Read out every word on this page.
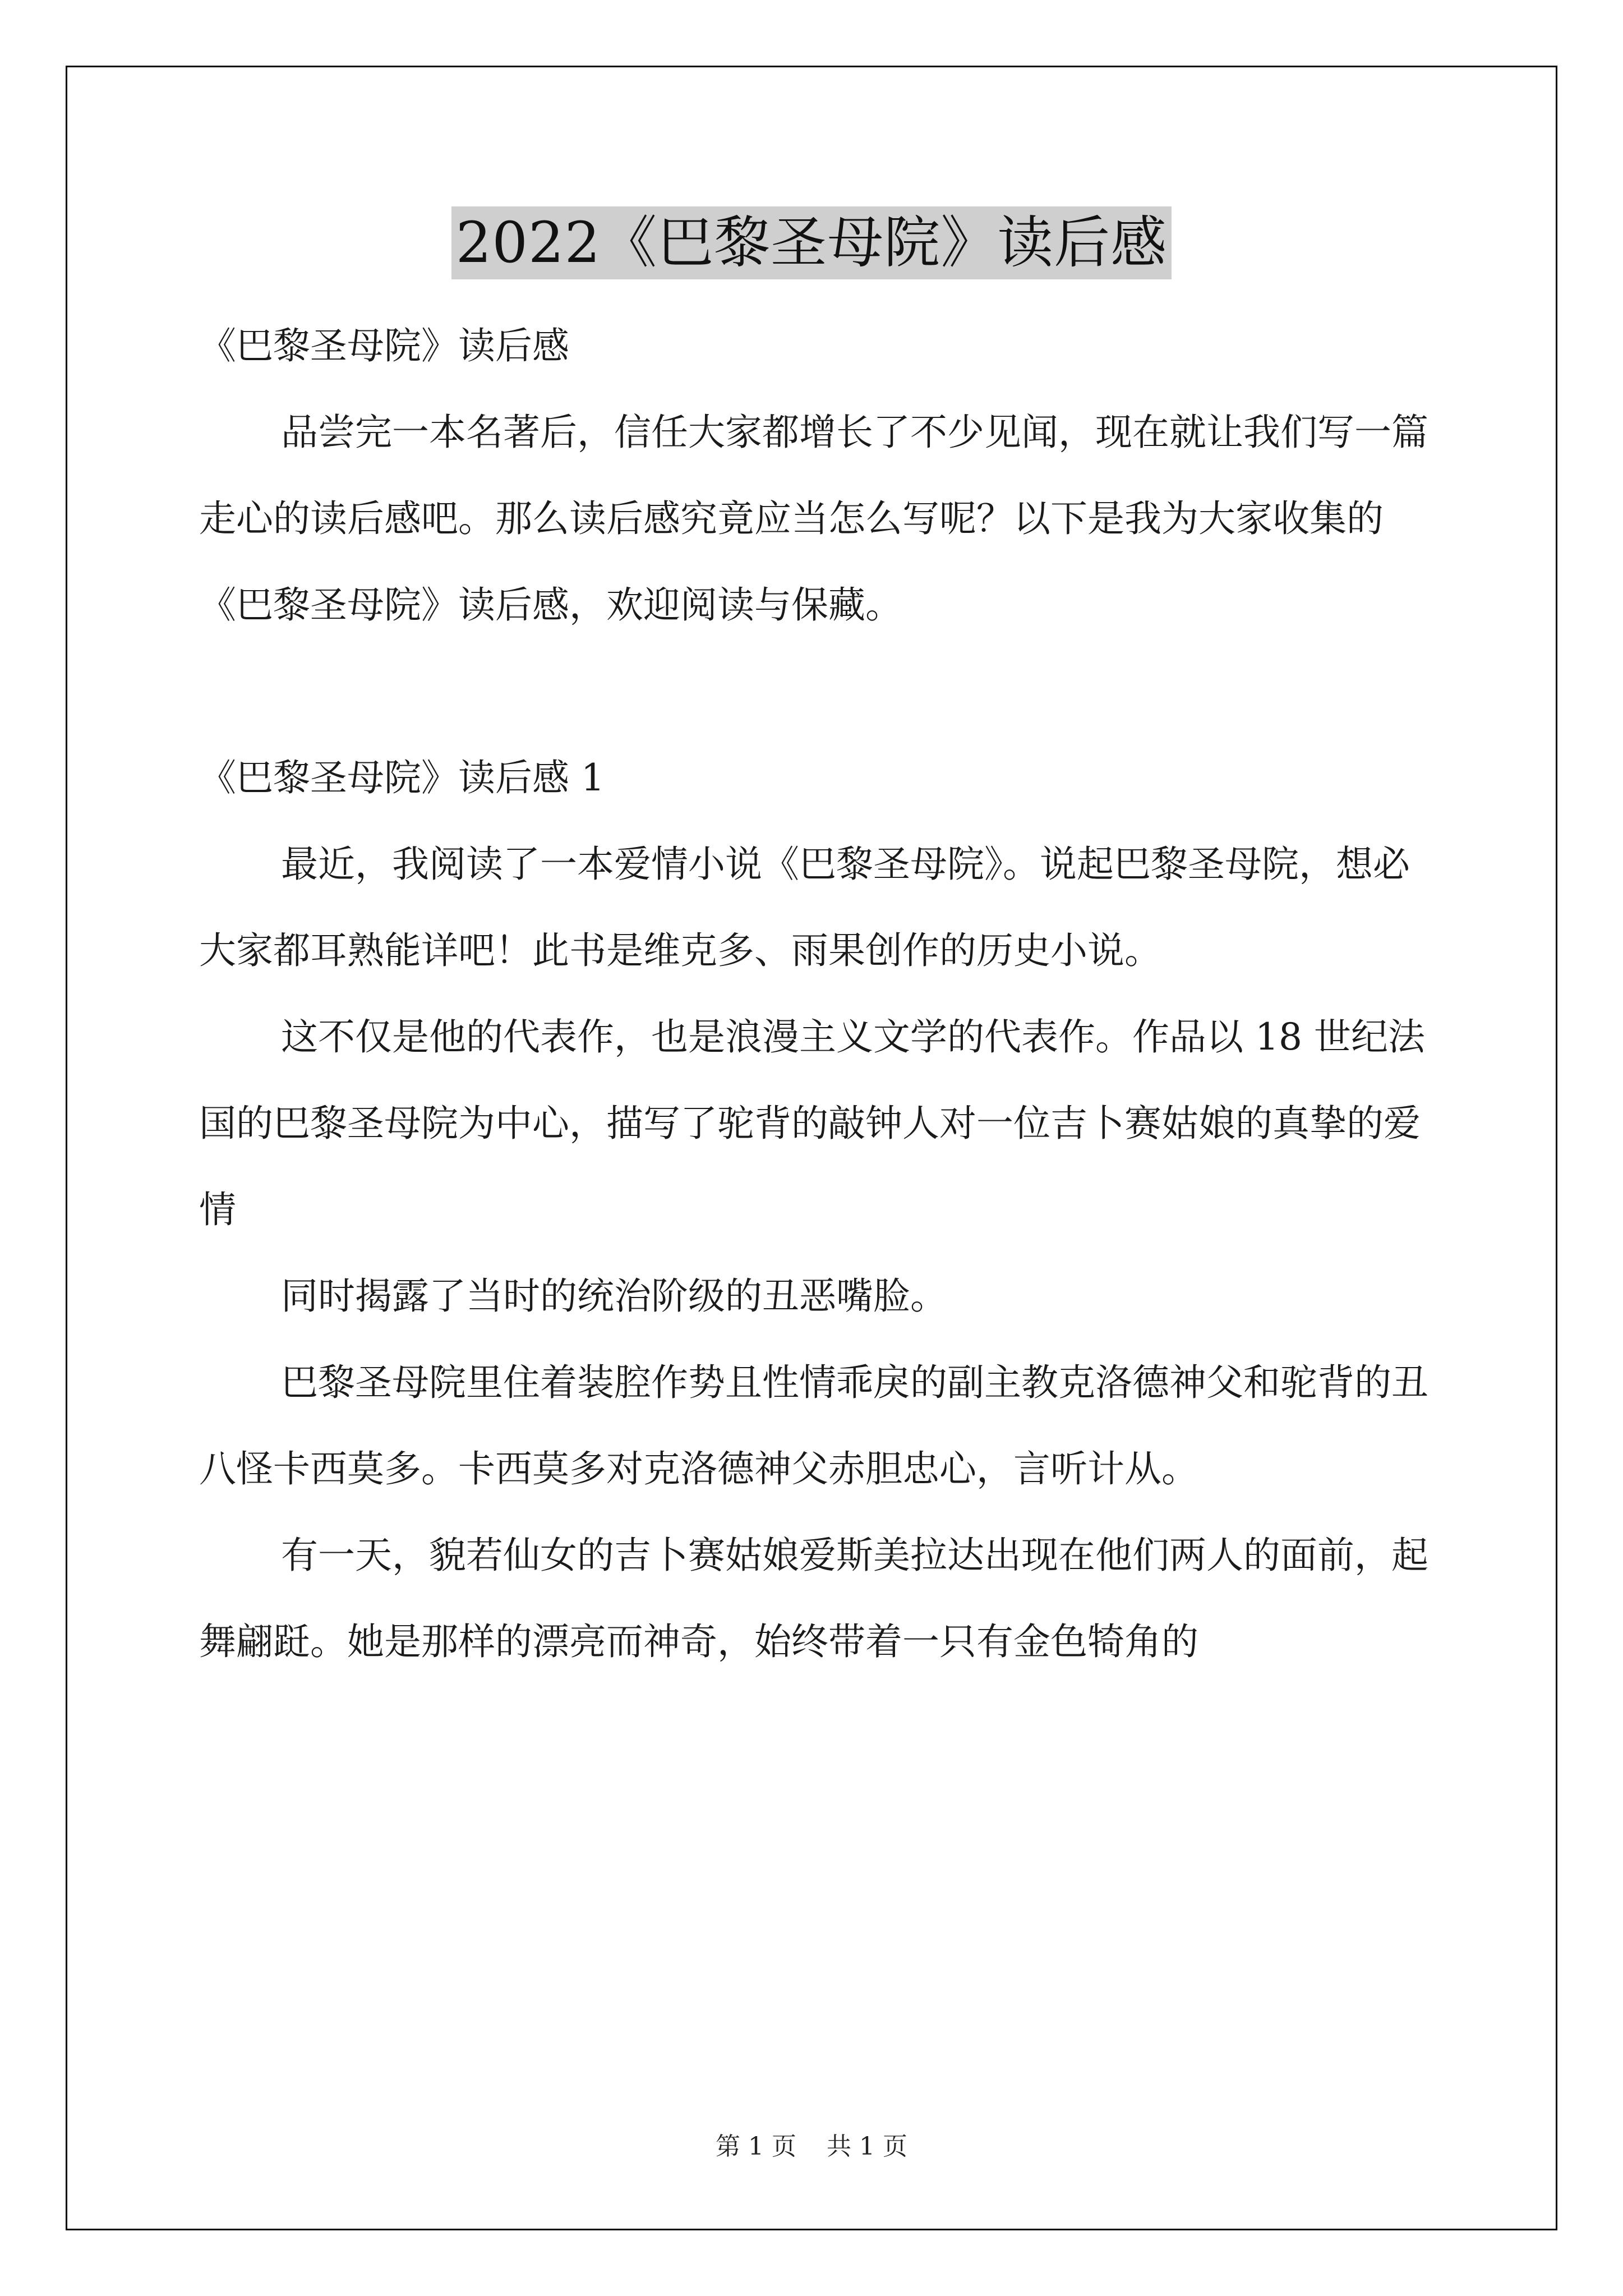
2022《巴黎圣母院》读后感

《巴黎圣母院》读后感

品尝完一本名著后，信任大家都增长了不少见闻，现在就让我们写一篇走心的读后感吧。那么读后感究竟应当怎么写呢？以下是我为大家收集的《巴黎圣母院》读后感，欢迎阅读与保藏。

《巴黎圣母院》读后感 1

最近，我阅读了一本爱情小说《巴黎圣母院》。说起巴黎圣母院，想必大家都耳熟能详吧！此书是维克多、雨果创作的历史小说。

这不仅是他的代表作，也是浪漫主义文学的代表作。作品以 18 世纪法国的巴黎圣母院为中心，描写了驼背的敲钟人对一位吉卜赛姑娘的真挚的爱情

同时揭露了当时的统治阶级的丑恶嘴脸。

巴黎圣母院里住着装腔作势且性情乖戾的副主教克洛德神父和驼背的丑八怪卡西莫多。卡西莫多对克洛德神父赤胆忠心，言听计从。

有一天，貌若仙女的吉卜赛姑娘爱斯美拉达出现在他们两人的面前，起舞翩跹。她是那样的漂亮而神奇，始终带着一只有金色犄角的

第 1 页 共 1 页
